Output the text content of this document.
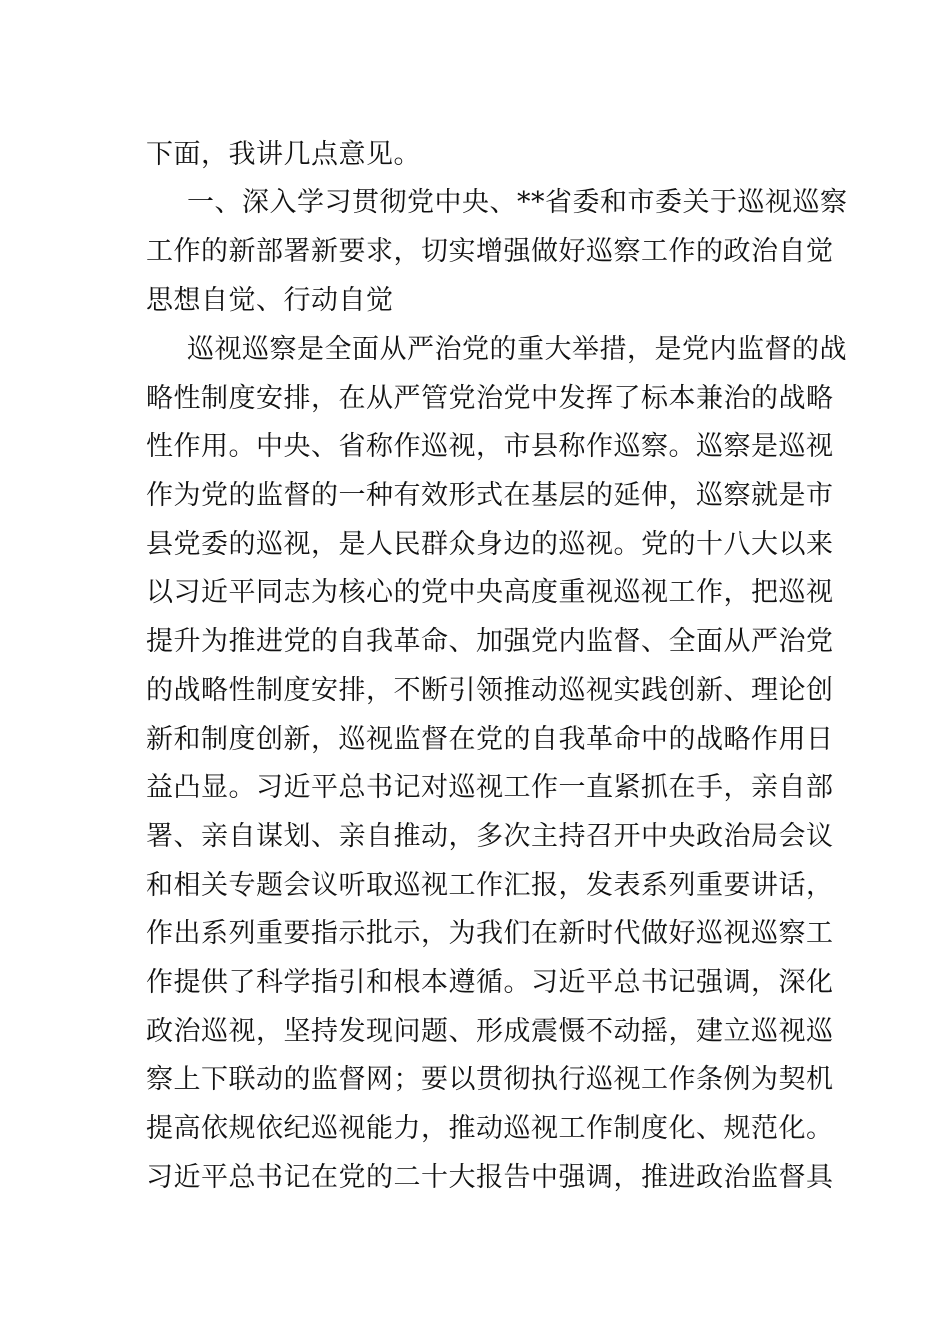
下面，我讲几点意见。
一、深入学习贯彻党中央、**省委和市委关于巡视巡察
工作的新部署新要求，切实增强做好巡察工作的政治自觉
思想自觉、行动自觉
巡视巡察是全面从严治党的重大举措，是党内监督的战
略性制度安排，在从严管党治党中发挥了标本兼治的战略
性作用。中央、省称作巡视，市县称作巡察。巡察是巡视
作为党的监督的一种有效形式在基层的延伸，巡察就是市
县党委的巡视，是人民群众身边的巡视。党的十八大以来
以习近平同志为核心的党中央高度重视巡视工作，把巡视
提升为推进党的自我革命、加强党内监督、全面从严治党
的战略性制度安排，不断引领推动巡视实践创新、理论创
新和制度创新，巡视监督在党的自我革命中的战略作用日
益凸显。习近平总书记对巡视工作一直紧抓在手，亲自部
署、亲自谋划、亲自推动，多次主持召开中央政治局会议
和相关专题会议听取巡视工作汇报，发表系列重要讲话，
作出系列重要指示批示，为我们在新时代做好巡视巡察工
作提供了科学指引和根本遵循。习近平总书记强调，深化
政治巡视，坚持发现问题、形成震慑不动摇，建立巡视巡
察上下联动的监督网；要以贯彻执行巡视工作条例为契机
提高依规依纪巡视能力，推动巡视工作制度化、规范化。
习近平总书记在党的二十大报告中强调，推进政治监督具
